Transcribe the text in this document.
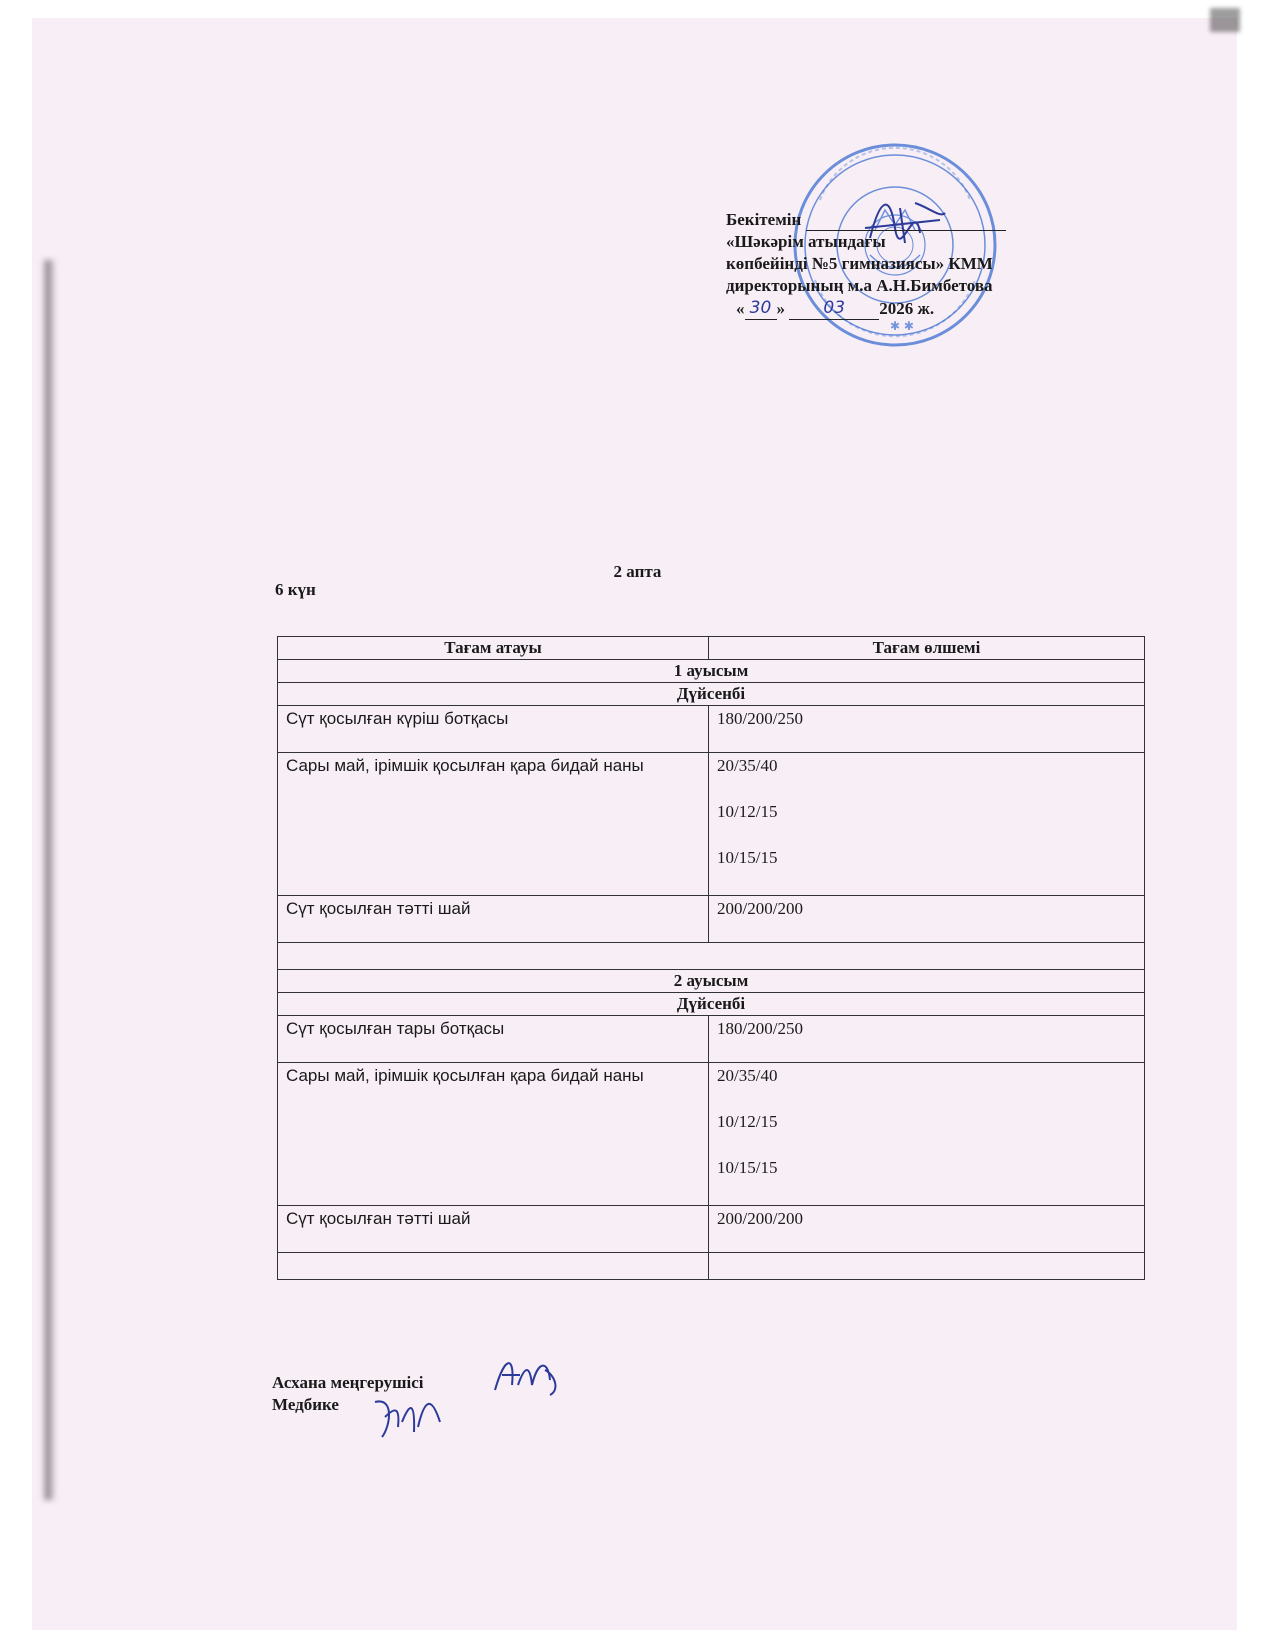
✱ ✱
Бекітемін
«Шәкәрім атындағы
көпбейінді №5 гимназиясы» КММ
директорының м.а А.Н.Бимбетова
« 30 » 03 2026 ж.
2 апта
6 күн
Тағам атауы	Тағам өлшемі
1 ауысым	
Дүйсенбі	
Сүт қосылған күріш ботқасы	180/200/250

Сары май, ірімшік қосылған қара бидай наны	20/35/40
10/12/15
10/15/15

Сүт қосылған тәтті шай	200/200/200

2 ауысым	
Дүйсенбі	
Сүт қосылған тары ботқасы	180/200/250

Сары май, ірімшік қосылған қара бидай наны	20/35/40
10/12/15
10/15/15

Сүт қосылған тәтті шай	200/200/200

Асхана меңгерушісі
Медбике
